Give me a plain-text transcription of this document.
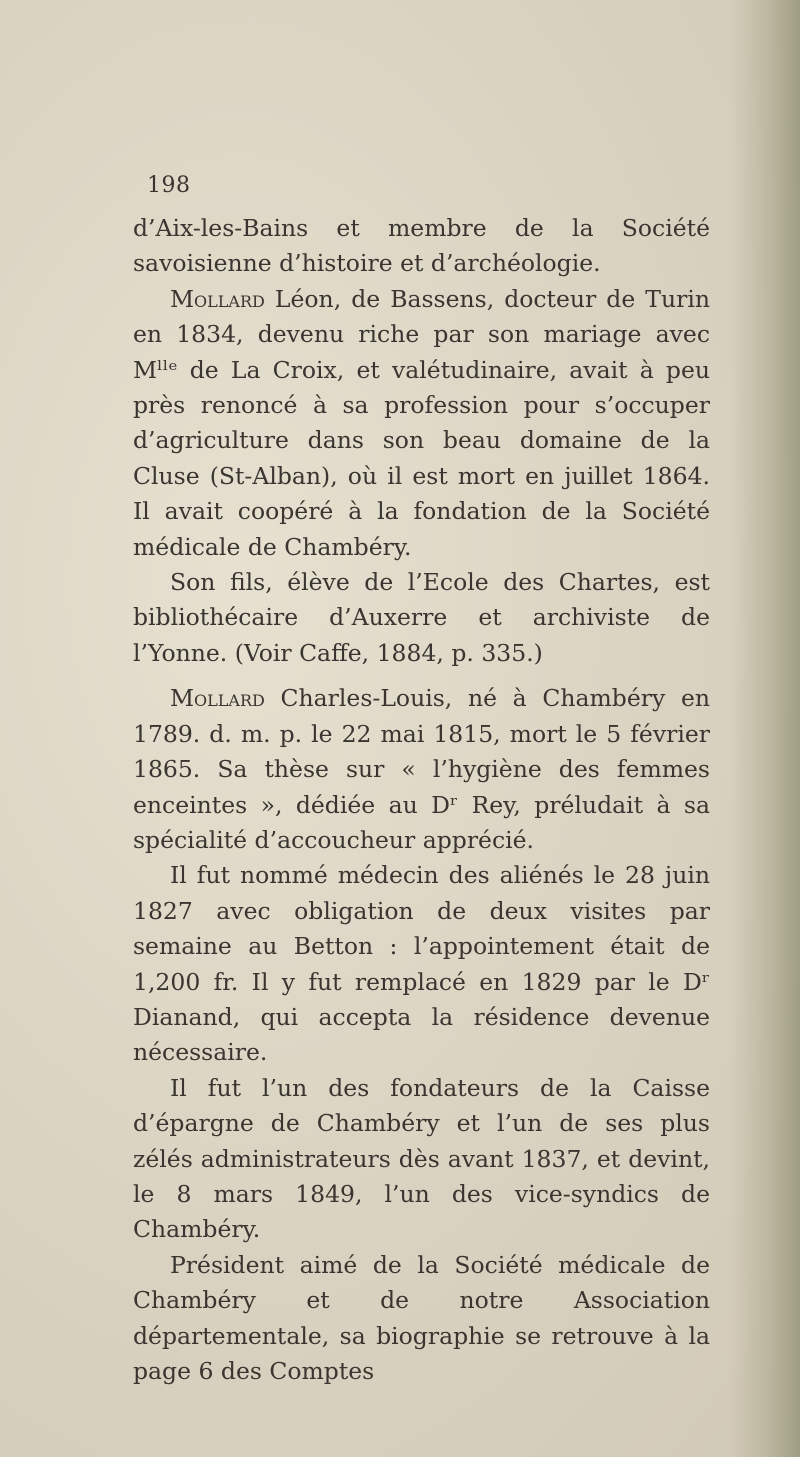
198

d’Aix-les-Bains et membre de la Société savoisienne d’histoire et d’archéologie.

Mollard Léon, de Bassens, docteur de Turin en 1834, devenu riche par son mariage avec Mˡˡᵉ de La Croix, et valétudinaire, avait à peu près renoncé à sa profession pour s’occuper d’agriculture dans son beau domaine de la Cluse (St-Alban), où il est mort en juillet 1864. Il avait coopéré à la fondation de la Société médicale de Chambéry.

Son fils, élève de l’Ecole des Chartes, est bibliothécaire d’Auxerre et archiviste de l’Yonne. (Voir Caffe, 1884, p. 335.)

Mollard Charles-Louis, né à Chambéry en 1789. d. m. p. le 22 mai 1815, mort le 5 février 1865. Sa thèse sur « l’hygiène des femmes enceintes », dédiée au Dʳ Rey, préludait à sa spécialité d’accoucheur apprécié.

Il fut nommé médecin des aliénés le 28 juin 1827 avec obligation de deux visites par semaine au Betton : l’appointement était de 1,200 fr. Il y fut remplacé en 1829 par le Dʳ Dianand, qui accepta la résidence devenue nécessaire.

Il fut l’un des fondateurs de la Caisse d’épargne de Chambéry et l’un de ses plus zélés administrateurs dès avant 1837, et devint, le 8 mars 1849, l’un des vice-syndics de Chambéry.

Président aimé de la Société médicale de Chambéry et de notre Association départementale, sa biographie se retrouve à la page 6 des Comptes
